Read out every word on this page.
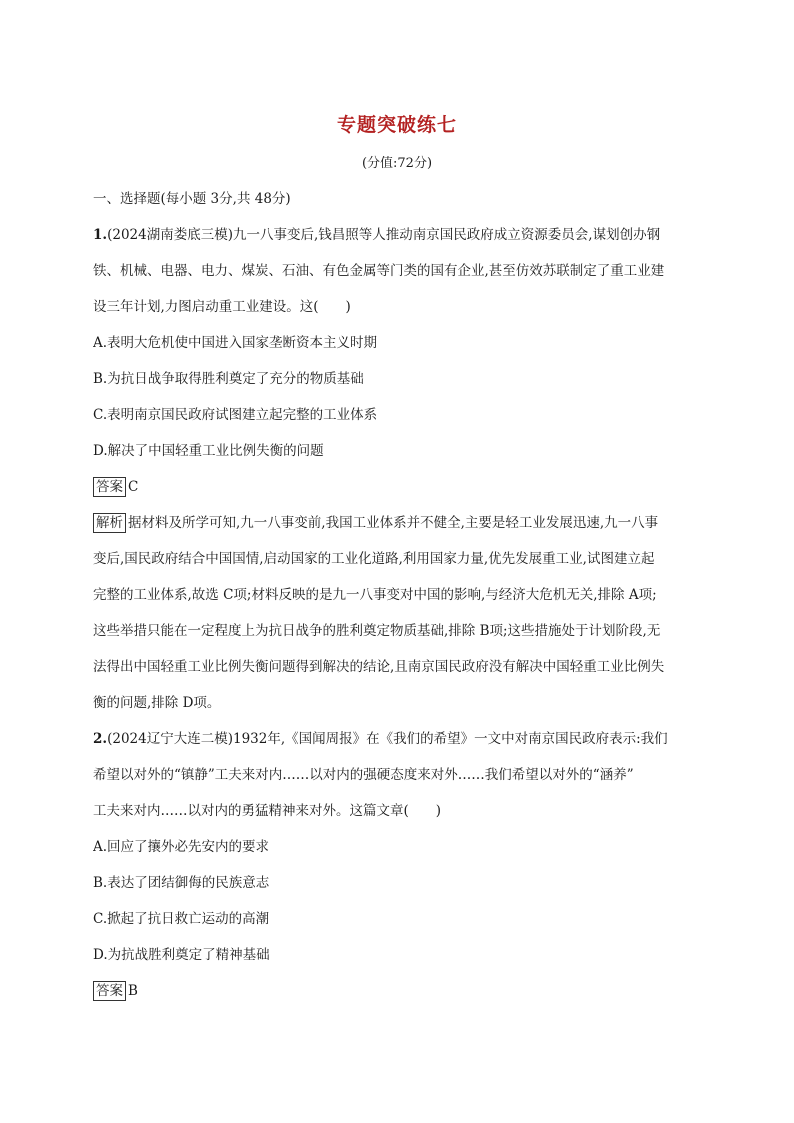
专题突破练七
(分值:72分)
一、选择题(每小题 3分,共 48分)
1.(2024湖南娄底三模)九一八事变后,钱昌照等人推动南京国民政府成立资源委员会,谋划创办钢
铁、机械、电器、电力、煤炭、石油、有色金属等门类的国有企业,甚至仿效苏联制定了重工业建
设三年计划,力图启动重工业建设。这(　　)
A.表明大危机使中国进入国家垄断资本主义时期
B.为抗日战争取得胜利奠定了充分的物质基础
C.表明南京国民政府试图建立起完整的工业体系
D.解决了中国轻重工业比例失衡的问题
答案 C
解析 据材料及所学可知,九一八事变前,我国工业体系并不健全,主要是轻工业发展迅速,九一八事
变后,国民政府结合中国国情,启动国家的工业化道路,利用国家力量,优先发展重工业,试图建立起
完整的工业体系,故选 C项;材料反映的是九一八事变对中国的影响,与经济大危机无关,排除 A项;
这些举措只能在一定程度上为抗日战争的胜利奠定物质基础,排除 B项;这些措施处于计划阶段,无
法得出中国轻重工业比例失衡问题得到解决的结论,且南京国民政府没有解决中国轻重工业比例失
衡的问题,排除 D项。
2.(2024辽宁大连二模)1932年,《国闻周报》在《我们的希望》一文中对南京国民政府表示:我们
希望以对外的“镇静”工夫来对内……以对内的强硬态度来对外……我们希望以对外的“涵养”
工夫来对内……以对内的勇猛精神来对外。这篇文章(　　)
A.回应了攘外必先安内的要求
B.表达了团结御侮的民族意志
C.掀起了抗日救亡运动的高潮
D.为抗战胜利奠定了精神基础
答案 B
